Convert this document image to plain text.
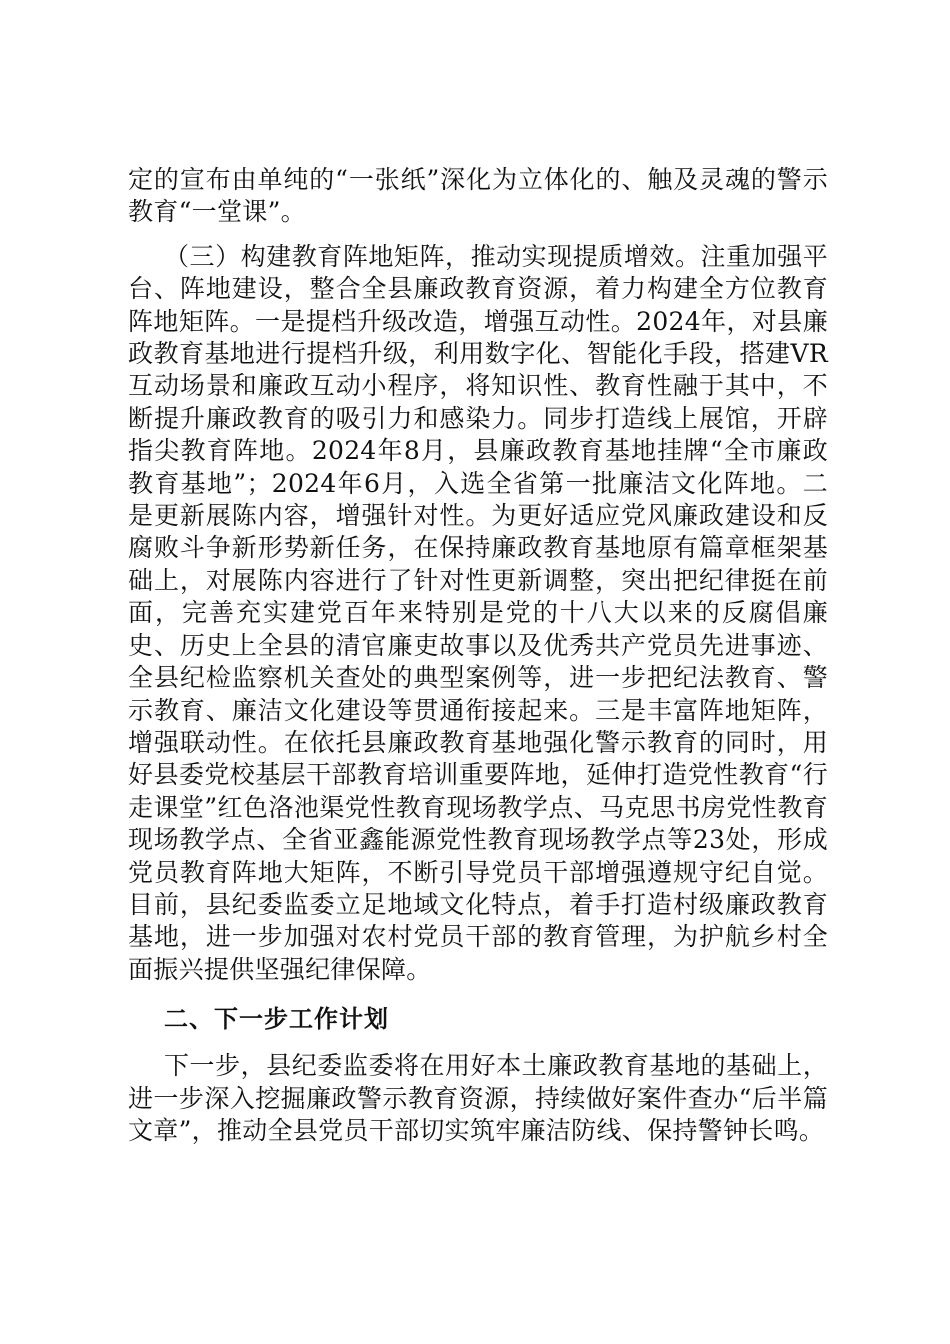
定的宣布由单纯的“一张纸”深化为立体化的、触及灵魂的警示教育“一堂课”。

（三）构建教育阵地矩阵，推动实现提质增效。注重加强平台、阵地建设，整合全县廉政教育资源，着力构建全方位教育阵地矩阵。一是提档升级改造，增强互动性。2024年，对县廉政教育基地进行提档升级，利用数字化、智能化手段，搭建VR互动场景和廉政互动小程序，将知识性、教育性融于其中，不断提升廉政教育的吸引力和感染力。同步打造线上展馆，开辟指尖教育阵地。2024年8月，县廉政教育基地挂牌“全市廉政教育基地”；2024年6月，入选全省第一批廉洁文化阵地。二是更新展陈内容，增强针对性。为更好适应党风廉政建设和反腐败斗争新形势新任务，在保持廉政教育基地原有篇章框架基础上，对展陈内容进行了针对性更新调整，突出把纪律挺在前面，完善充实建党百年来特别是党的十八大以来的反腐倡廉史、历史上全县的清官廉吏故事以及优秀共产党员先进事迹、全县纪检监察机关查处的典型案例等，进一步把纪法教育、警示教育、廉洁文化建设等贯通衔接起来。三是丰富阵地矩阵，增强联动性。在依托县廉政教育基地强化警示教育的同时，用好县委党校基层干部教育培训重要阵地，延伸打造党性教育“行走课堂”红色洛池渠党性教育现场教学点、马克思书房党性教育现场教学点、全省亚鑫能源党性教育现场教学点等23处，形成党员教育阵地大矩阵，不断引导党员干部增强遵规守纪自觉。目前，县纪委监委立足地域文化特点，着手打造村级廉政教育基地，进一步加强对农村党员干部的教育管理，为护航乡村全面振兴提供坚强纪律保障。

二、下一步工作计划

下一步，县纪委监委将在用好本土廉政教育基地的基础上，进一步深入挖掘廉政警示教育资源，持续做好案件查办“后半篇文章”，推动全县党员干部切实筑牢廉洁防线、保持警钟长鸣。
